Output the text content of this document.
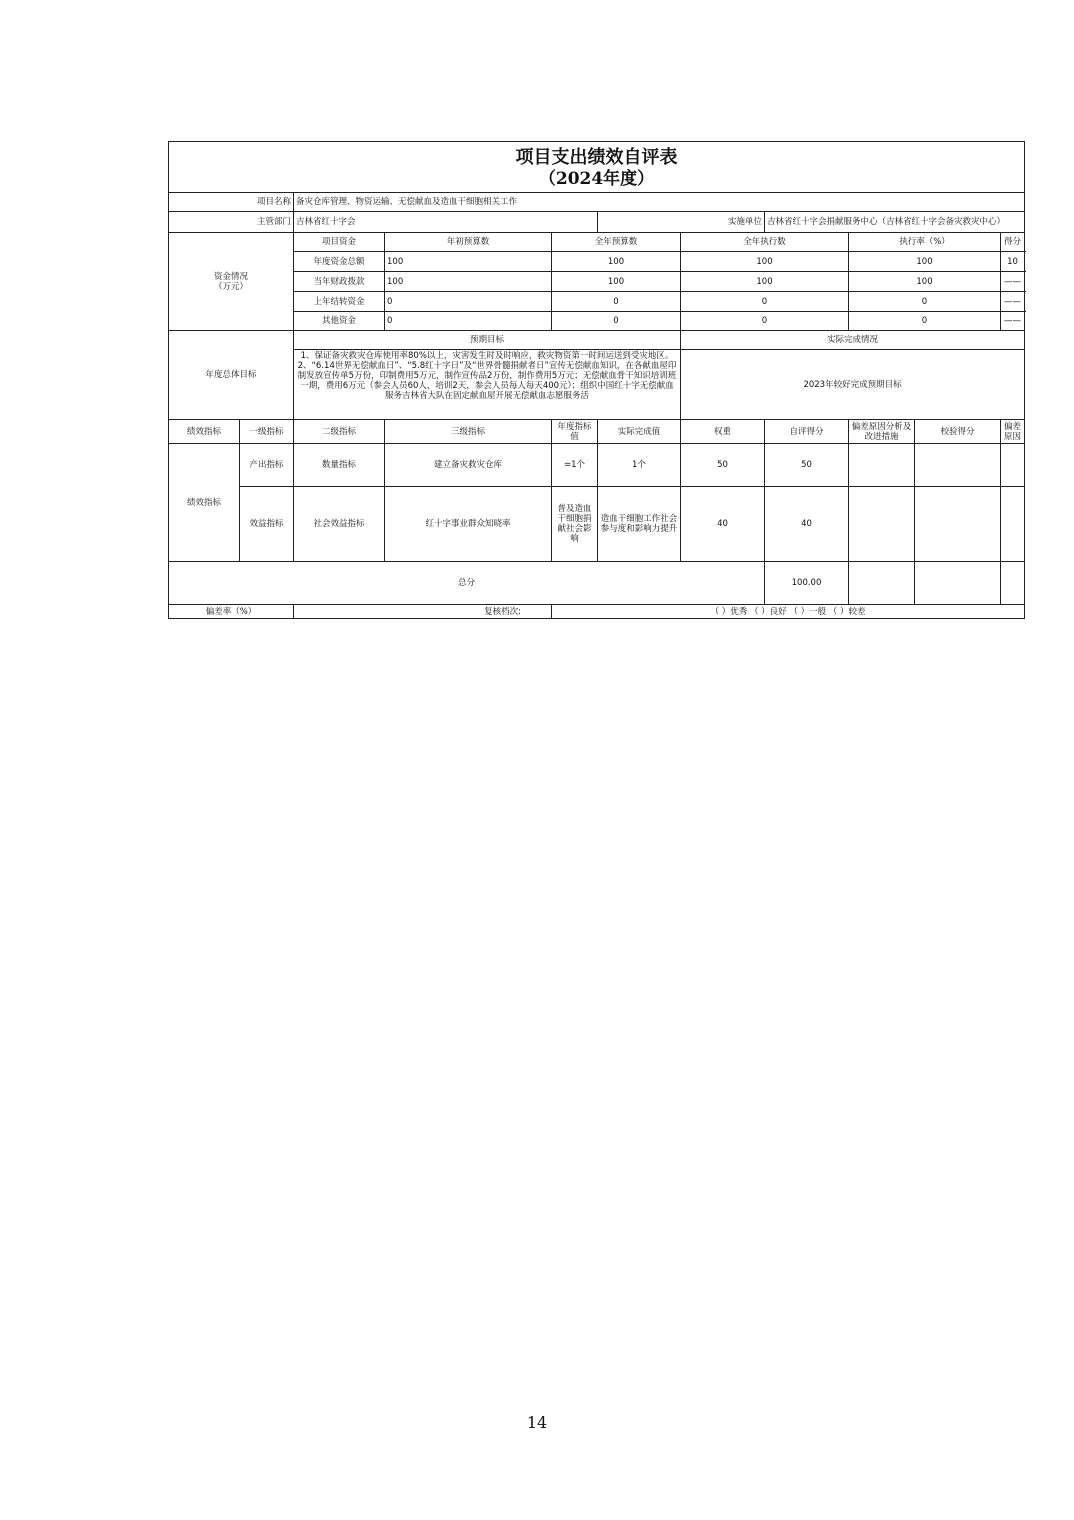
项目支出绩效自评表
（2024年度）										

项目名称		备灾仓库管理、物资运输、无偿献血及造血干细胞相关工作								
主管部门		吉林省红十字会			实施单位		吉林省红十字会捐献服务中心（吉林省红十字会备灾救灾中心）			
资金情况
（万元）		项目资金	年初预算数	全年预算数		全年执行数		执行率（%）		得分
		年度资金总额	100	100		100		100		10
		当年财政拨款	100	100		100		100		——
		上年结转资金	0	0		0		0		——
		其他资金	0	0		0		0		——
年度总体目标		预期目标				实际完成情况				
		1、保证备灾救灾仓库使用率80%以上，灾害发生时及时响应，救灾物资第一时间运送到受灾地区。
2、“6.14世界无偿献血日”、“5.8红十字日”及“世界骨髓捐献者日”宣传无偿献血知识，在各献血屋印制发放宣传单5万份，印制费用5万元，制作宣传品2万份，制作费用5万元；无偿献血骨干知识培训班一期，费用6万元（参会人员60人，培训2天，参会人员每人每天400元）；组织中国红十字无偿献血服务吉林省大队在固定献血屋开展无偿献血志愿服务活				2023年较好完成预期目标				
绩效指标	一级指标	二级指标	三级指标	年度指标值	实际完成值	权重	自评得分	偏差原因分析及改进措施	校验得分	偏差原因
绩效指标	产出指标	数量指标	建立备灾救灾仓库	=1个	1个	50	50			
	效益指标	社会效益指标	红十字事业群众知晓率	普及造血干细胞捐献社会影响	造血干细胞工作社会参与度和影响力提升	40	40			
总分							100.00			
偏差率（%）		复核档次:		（ ）优秀 （ ）良好 （ ）一般 （ ）较差						
14
